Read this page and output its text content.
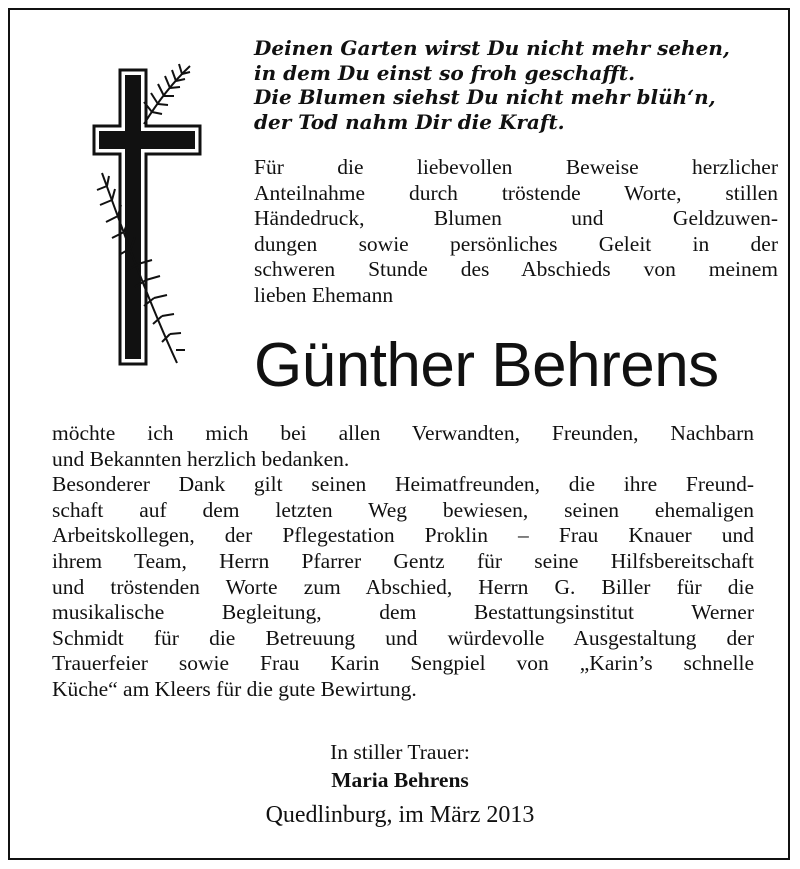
Deinen Garten wirst Du nicht mehr sehen,
in dem Du einst so froh geschafft.
Die Blumen siehst Du nicht mehr blüh‘n,
der Tod nahm Dir die Kraft.
Für die liebevollen Beweise herzlicher
Anteilnahme durch tröstende Worte, stillen
Händedruck, Blumen und Geldzuwen-
dungen sowie persönliches Geleit in der
schweren Stunde des Abschieds von meinem
lieben Ehemann
Günther Behrens
möchte ich mich bei allen Verwandten, Freunden, Nachbarn
und Bekannten herzlich bedanken.
Besonderer Dank gilt seinen Heimatfreunden, die ihre Freund-
schaft auf dem letzten Weg bewiesen, seinen ehemaligen
Arbeitskollegen, der Pflegestation Proklin – Frau Knauer und
ihrem Team, Herrn Pfarrer Gentz für seine Hilfsbereitschaft
und tröstenden Worte zum Abschied, Herrn G. Biller für die
musikalische Begleitung, dem Bestattungsinstitut Werner
Schmidt für die Betreuung und würdevolle Ausgestaltung der
Trauerfeier sowie Frau Karin Sengpiel von „Karin’s schnelle
Küche“ am Kleers für die gute Bewirtung.
In stiller Trauer:
Maria Behrens
Quedlinburg, im März 2013
